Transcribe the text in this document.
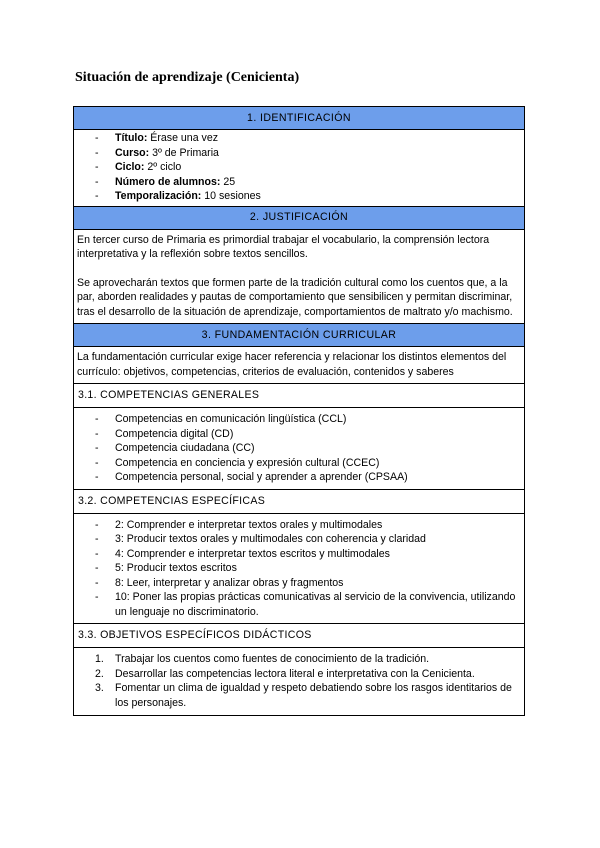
Situación de aprendizaje (Cenicienta)
1. IDENTIFICACIÓN

- Título: Érase una vez
- Curso: 3º de Primaria
- Ciclo: 2º ciclo
- Número de alumnos: 25
- Temporalización: 10 sesiones

2. JUSTIFICACIÓN

En tercer curso de Primaria es primordial trabajar el vocabulario, la comprensión lectora interpretativa y la reflexión sobre textos sencillos.

Se aprovecharán textos que formen parte de la tradición cultural como los cuentos que, a la par, aborden realidades y pautas de comportamiento que sensibilicen y permitan discriminar, tras el desarrollo de la situación de aprendizaje, comportamientos de maltrato y/o machismo.

3. FUNDAMENTACIÓN CURRICULAR

La fundamentación curricular exige hacer referencia y relacionar los distintos elementos del currículo: objetivos, competencias, criterios de evaluación, contenidos y saberes

3.1. COMPETENCIAS GENERALES

- Competencias en comunicación lingüística (CCL)
- Competencia digital (CD)
- Competencia ciudadana (CC)
- Competencia en conciencia y expresión cultural (CCEC)
- Competencia personal, social y aprender a aprender (CPSAA)

3.2. COMPETENCIAS ESPECÍFICAS

- 2: Comprender e interpretar textos orales y multimodales
- 3: Producir textos orales y multimodales con coherencia y claridad
- 4: Comprender e interpretar textos escritos y multimodales
- 5: Producir textos escritos
- 8: Leer, interpretar y analizar obras y fragmentos
- 10: Poner las propias prácticas comunicativas al servicio de la convivencia, utilizando un lenguaje no discriminatorio.

3.3. OBJETIVOS ESPECÍFICOS DIDÁCTICOS

1. Trabajar los cuentos como fuentes de conocimiento de la tradición.
2. Desarrollar las competencias lectora literal e interpretativa con la Cenicienta.
3. Fomentar un clima de igualdad y respeto debatiendo sobre los rasgos identitarios de los personajes.
